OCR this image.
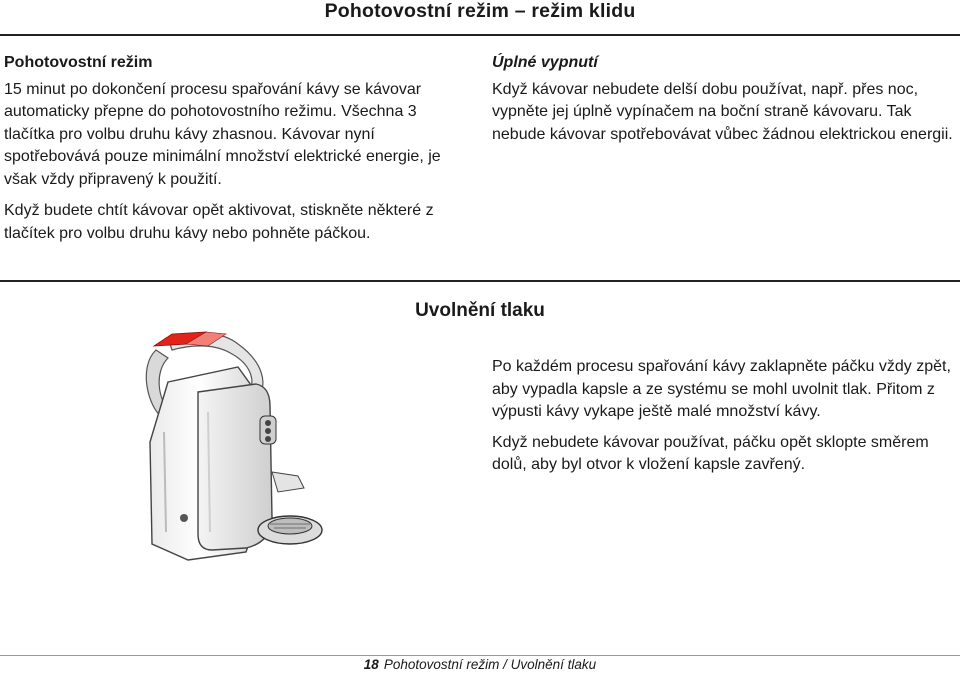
Pohotovostní režim – režim klidu
Pohotovostní režim

15 minut po dokončení procesu spařování kávy se kávovar automaticky přepne do pohotovostního režimu. Všechna 3 tlačítka pro volbu druhu kávy zhasnou. Kávovar nyní spotřebovává pouze minimální množství elektrické energie, je však vždy připravený k použití.

Když budete chtít kávovar opět aktivovat, stiskněte některé z tlačítek pro volbu druhu kávy nebo pohněte páčkou.

Úplné vypnutí

Když kávovar nebudete delší dobu používat, např. přes noc, vypněte jej úplně vypínačem na boční straně kávovaru. Tak nebude kávovar spotřebovávat vůbec žádnou elektrickou energii.

Uvolnění tlaku

Po každém procesu spařování kávy zaklapněte páčku vždy zpět, aby vypadla kapsle a ze systému se mohl uvolnit tlak. Přitom z výpusti kávy vykape ještě malé množství kávy.

Když nebudete kávovar používat, páčku opět sklopte směrem dolů, aby byl otvor k vložení kapsle zavřený.

18 Pohotovostní režim / Uvolnění tlaku
